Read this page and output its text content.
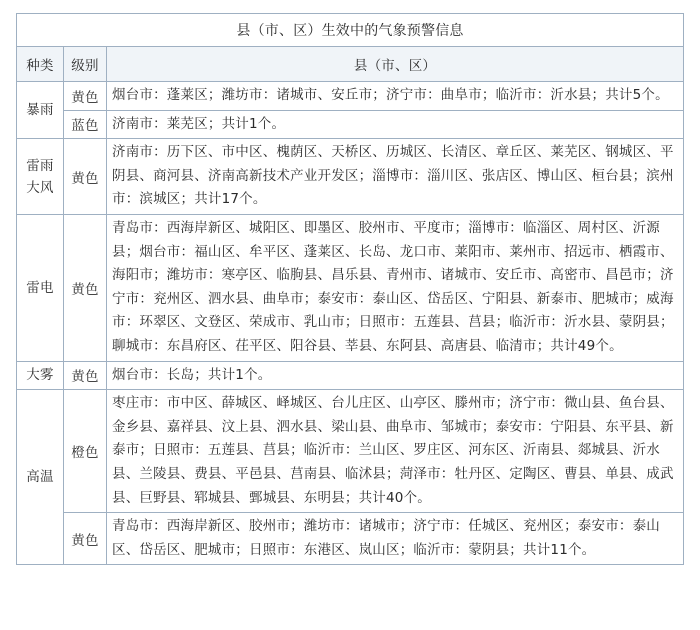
县（市、区）生效中的气象预警信息		
种类	级别	县（市、区）
暴雨	黄色	烟台市：蓬莱区；潍坊市：诸城市、安丘市；济宁市：曲阜市；临沂市：沂水县；共计5个。
	蓝色	济南市：莱芜区；共计1个。
雷雨大风	黄色	济南市：历下区、市中区、槐荫区、天桥区、历城区、长清区、章丘区、莱芜区、钢城区、平阴县、商河县、济南高新技术产业开发区；淄博市：淄川区、张店区、博山区、桓台县；滨州市：滨城区；共计17个。
雷电	黄色	青岛市：西海岸新区、城阳区、即墨区、胶州市、平度市；淄博市：临淄区、周村区、沂源县；烟台市：福山区、牟平区、蓬莱区、长岛、龙口市、莱阳市、莱州市、招远市、栖霞市、海阳市；潍坊市：寒亭区、临朐县、昌乐县、青州市、诸城市、安丘市、高密市、昌邑市；济宁市：兖州区、泗水县、曲阜市；泰安市：泰山区、岱岳区、宁阳县、新泰市、肥城市；威海市：环翠区、文登区、荣成市、乳山市；日照市：五莲县、莒县；临沂市：沂水县、蒙阴县；聊城市：东昌府区、茌平区、阳谷县、莘县、东阿县、高唐县、临清市；共计49个。
大雾	黄色	烟台市：长岛；共计1个。
高温	橙色	枣庄市：市中区、薛城区、峄城区、台儿庄区、山亭区、滕州市；济宁市：微山县、鱼台县、金乡县、嘉祥县、汶上县、泗水县、梁山县、曲阜市、邹城市；泰安市：宁阳县、东平县、新泰市；日照市：五莲县、莒县；临沂市：兰山区、罗庄区、河东区、沂南县、郯城县、沂水县、兰陵县、费县、平邑县、莒南县、临沭县；菏泽市：牡丹区、定陶区、曹县、单县、成武县、巨野县、郓城县、鄄城县、东明县；共计40个。
	黄色	青岛市：西海岸新区、胶州市；潍坊市：诸城市；济宁市：任城区、兖州区；泰安市：泰山区、岱岳区、肥城市；日照市：东港区、岚山区；临沂市：蒙阴县；共计11个。
